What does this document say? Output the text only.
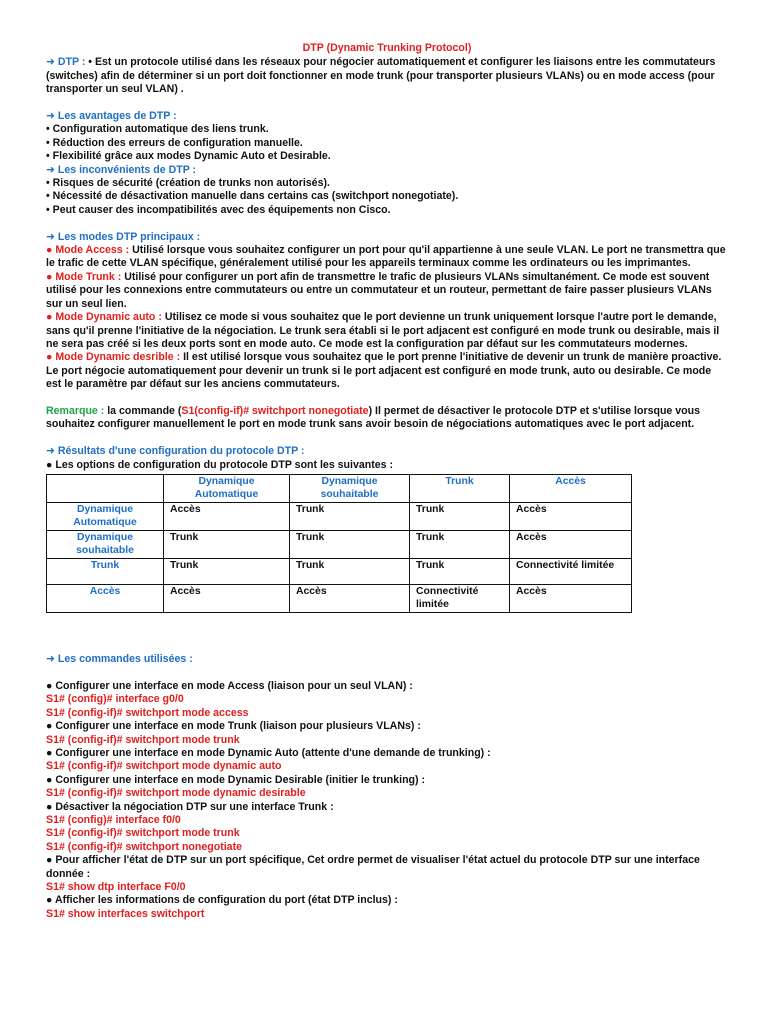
DTP (Dynamic Trunking Protocol)

➜ DTP : • Est un protocole utilisé dans les réseaux pour négocier automatiquement et configurer les liaisons entre les commutateurs (switches) afin de déterminer si un port doit fonctionner en mode trunk (pour transporter plusieurs VLANs) ou en mode access (pour transporter un seul VLAN) .

➜ Les avantages de DTP :

• Configuration automatique des liens trunk.

• Réduction des erreurs de configuration manuelle.

• Flexibilité grâce aux modes Dynamic Auto et Desirable.

➜ Les inconvénients de DTP :

• Risques de sécurité (création de trunks non autorisés).

• Nécessité de désactivation manuelle dans certains cas (switchport nonegotiate).

• Peut causer des incompatibilités avec des équipements non Cisco.

➜ Les modes DTP principaux :

● Mode Access : Utilisé lorsque vous souhaitez configurer un port pour qu'il appartienne à une seule VLAN. Le port ne transmettra que le trafic de cette VLAN spécifique, généralement utilisé pour les appareils terminaux comme les ordinateurs ou les imprimantes.

● Mode Trunk : Utilisé pour configurer un port afin de transmettre le trafic de plusieurs VLANs simultanément. Ce mode est souvent utilisé pour les connexions entre commutateurs ou entre un commutateur et un routeur, permettant de faire passer plusieurs VLANs sur un seul lien.

● Mode Dynamic auto : Utilisez ce mode si vous souhaitez que le port devienne un trunk uniquement lorsque l'autre port le demande, sans qu'il prenne l'initiative de la négociation. Le trunk sera établi si le port adjacent est configuré en mode trunk ou desirable, mais il ne sera pas créé si les deux ports sont en mode auto. Ce mode est la configuration par défaut sur les commutateurs modernes.

● Mode Dynamic desrible : Il est utilisé lorsque vous souhaitez que le port prenne l'initiative de devenir un trunk de manière proactive. Le port négocie automatiquement pour devenir un trunk si le port adjacent est configuré en mode trunk, auto ou desirable. Ce mode est le paramètre par défaut sur les anciens commutateurs.

Remarque : la commande (S1(config-if)# switchport nonegotiate) Il permet de désactiver le protocole DTP et s'utilise lorsque vous souhaitez configurer manuellement le port en mode trunk sans avoir besoin de négociations automatiques avec le port adjacent.

➜ Résultats d'une configuration du protocole DTP :

● Les options de configuration du protocole DTP sont les suivantes :

	Dynamique Automatique	Dynamique souhaitable	Trunk	Accès
Dynamique Automatique	Accès	Trunk	Trunk	Accès
Dynamique souhaitable	Trunk	Trunk	Trunk	Accès
Trunk	Trunk	Trunk	Trunk	Connectivité limitée
Accès	Accès	Accès	Connectivité limitée	Accès

➜ Les commandes utilisées :

● Configurer une interface en mode Access (liaison pour un seul VLAN) :

S1# (config)# interface g0/0

S1# (config-if)# switchport mode access

● Configurer une interface en mode Trunk (liaison pour plusieurs VLANs) :

S1# (config-if)# switchport mode trunk

● Configurer une interface en mode Dynamic Auto (attente d'une demande de trunking) :

S1# (config-if)# switchport mode dynamic auto

● Configurer une interface en mode Dynamic Desirable (initier le trunking) :

S1# (config-if)# switchport mode dynamic desirable

● Désactiver la négociation DTP sur une interface Trunk :

S1# (config)# interface f0/0

S1# (config-if)# switchport mode trunk

S1# (config-if)# switchport nonegotiate

● Pour afficher l'état de DTP sur un port spécifique, Cet ordre permet de visualiser l'état actuel du protocole DTP sur une interface donnée :

S1# show dtp interface F0/0

● Afficher les informations de configuration du port (état DTP inclus) :

S1# show interfaces switchport
